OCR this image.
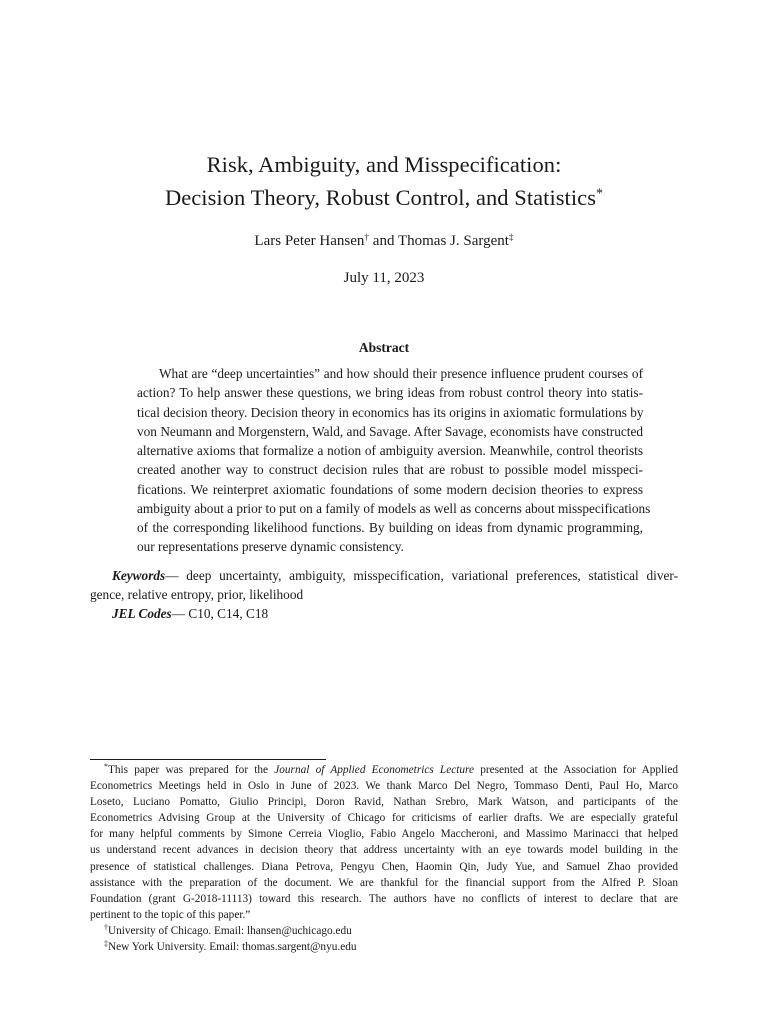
Risk, Ambiguity, and Misspecification:
Decision Theory, Robust Control, and Statistics*
Lars Peter Hansen† and Thomas J. Sargent‡
July 11, 2023
Abstract
What are “deep uncertainties” and how should their presence influence prudent courses of
action? To help answer these questions, we bring ideas from robust control theory into statis-
tical decision theory. Decision theory in economics has its origins in axiomatic formulations by
von Neumann and Morgenstern, Wald, and Savage. After Savage, economists have constructed
alternative axioms that formalize a notion of ambiguity aversion. Meanwhile, control theorists
created another way to construct decision rules that are robust to possible model misspeci-
fications. We reinterpret axiomatic foundations of some modern decision theories to express
ambiguity about a prior to put on a family of models as well as concerns about misspecifications
of the corresponding likelihood functions. By building on ideas from dynamic programming,
our representations preserve dynamic consistency.
Keywords— deep uncertainty, ambiguity, misspecification, variational preferences, statistical diver-
gence, relative entropy, prior, likelihood
JEL Codes— C10, C14, C18
*This paper was prepared for the Journal of Applied Econometrics Lecture presented at the Association for Applied
Econometrics Meetings held in Oslo in June of 2023. We thank Marco Del Negro, Tommaso Denti, Paul Ho, Marco
Loseto, Luciano Pomatto, Giulio Principi, Doron Ravid, Nathan Srebro, Mark Watson, and participants of the
Econometrics Advising Group at the University of Chicago for criticisms of earlier drafts. We are especially grateful
for many helpful comments by Simone Cerreia Vioglio, Fabio Angelo Maccheroni, and Massimo Marinacci that helped
us understand recent advances in decision theory that address uncertainty with an eye towards model building in the
presence of statistical challenges. Diana Petrova, Pengyu Chen, Haomin Qin, Judy Yue, and Samuel Zhao provided
assistance with the preparation of the document. We are thankful for the financial support from the Alfred P. Sloan
Foundation (grant G-2018-11113) toward this research. The authors have no conflicts of interest to declare that are
pertinent to the topic of this paper.”
†University of Chicago. Email: lhansen@uchicago.edu
‡New York University. Email: thomas.sargent@nyu.edu
